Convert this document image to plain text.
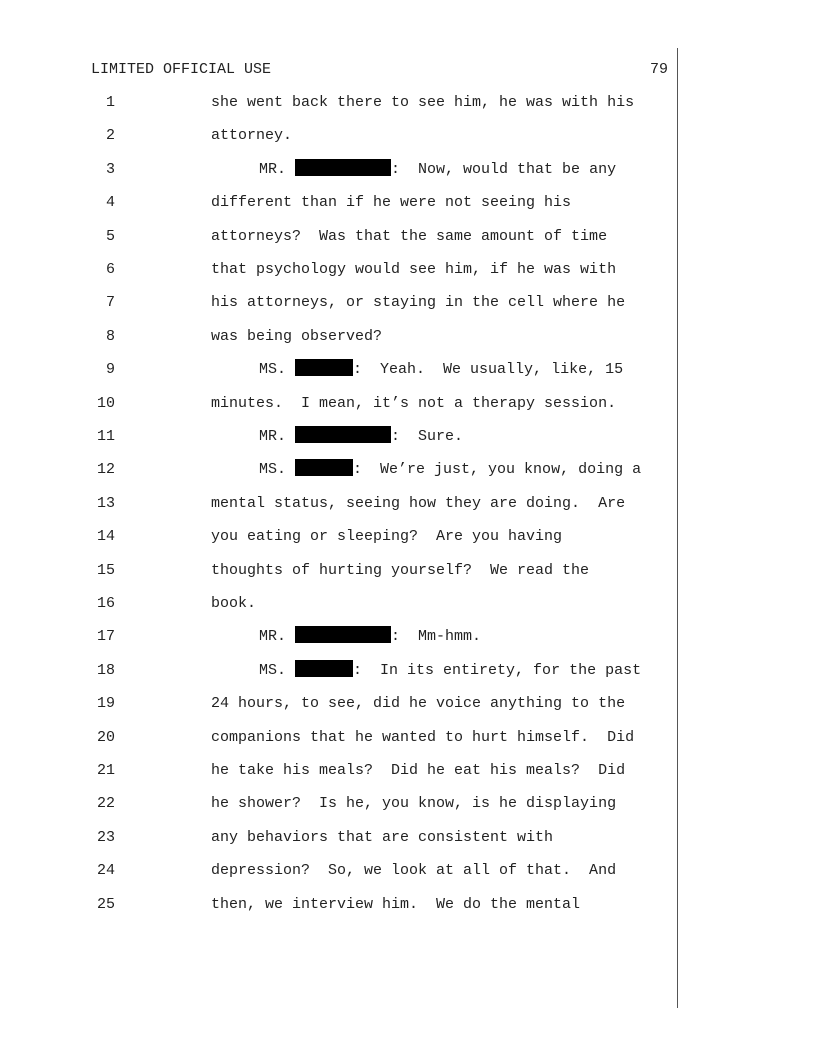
LIMITED OFFICIAL USE	79
1	she went back there to see him, he was with his
2	attorney.
3	MR.	:  Now, would that be any
4	different than if he were not seeing his
5	attorneys?  Was that the same amount of time
6	that psychology would see him, if he was with
7	his attorneys, or staying in the cell where he
8	was being observed?
9	MS.	:  Yeah.  We usually, like, 15
10	minutes.  I mean, it’s not a therapy session.
11	MR.	:  Sure.
12	MS.	:  We’re just, you know, doing a
13	mental status, seeing how they are doing.  Are
14	you eating or sleeping?  Are you having
15	thoughts of hurting yourself?  We read the
16	book.
17	MR.	:  Mm-hmm.
18	MS.	:  In its entirety, for the past
19	24 hours, to see, did he voice anything to the
20	companions that he wanted to hurt himself.  Did
21	he take his meals?  Did he eat his meals?  Did
22	he shower?  Is he, you know, is he displaying
23	any behaviors that are consistent with
24	depression?  So, we look at all of that.  And
25	then, we interview him.  We do the mental
